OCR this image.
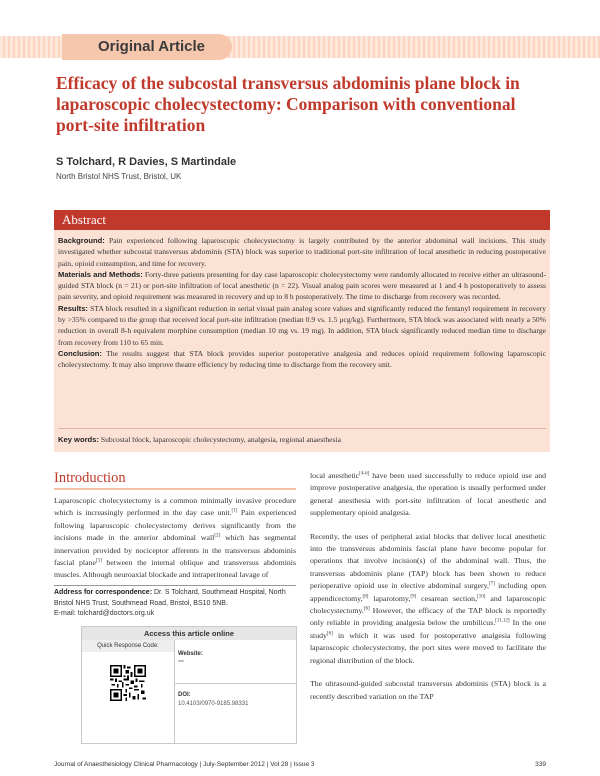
Original Article
Efficacy of the subcostal transversus abdominis plane block in laparoscopic cholecystectomy: Comparison with conventional port-site infiltration
S Tolchard, R Davies, S Martindale
North Bristol NHS Trust, Bristol, UK
Abstract

Background: Pain experienced following laparoscopic cholecystectomy is largely contributed by the anterior abdominal wall incisions. This study investigated whether subcostal transversus abdominis (STA) block was superior to traditional port-site infiltration of local anesthetic in reducing postoperative pain, opioid consumption, and time for recovery.

Materials and Methods: Forty-three patients presenting for day case laparoscopic cholecystectomy were randomly allocated to receive either an ultrasound-guided STA block (n = 21) or port-site infiltration of local anesthetic (n = 22). Visual analog pain scores were measured at 1 and 4 h postoperatively to assess pain severity, and opioid requirement was measured in recovery and up to 8 h postoperatively. The time to discharge from recovery was recorded.

Results: STA block resulted in a significant reduction in serial visual pain analog score values and significantly reduced the fentanyl requirement in recovery by >35% compared to the group that received local port-site infiltration (median 0.9 vs. 1.5 μcg/kg). Furthermore, STA block was associated with nearly a 50% reduction in overall 8-h equivalent morphine consumption (median 10 mg vs. 19 mg). In addition, STA block significantly reduced median time to discharge from recovery from 110 to 65 min.

Conclusion: The results suggest that STA block provides superior postoperative analgesia and reduces opioid requirement following laparoscopic cholecystectomy. It may also improve theatre efficiency by reducing time to discharge from the recovery unit.

Key words: Subcostal block, laparoscopic cholecystectomy, analgesia, regional anaesthesia
Introduction
Laparoscopic cholecystectomy is a common minimally invasive procedure which is increasingly performed in the day case unit.[1] Pain experienced following laparoscopic cholecystectomy derives significantly from the incisions made in the anterior abdominal wall[2] which has segmental innervation provided by nociceptor afferents in the transversus abdominis fascial plane[3] between the internal oblique and transversus abdominis muscles. Although neuroaxial blockade and intraperitoneal lavage of
Address for correspondence: Dr. S Tolchard, Southmead Hospital, North Bristol NHS Trust, Southmead Road, Bristol, BS10 5NB.
E-mail: tolchard@doctors.org.uk
Access this article online
Quick Response Code:
Website:
***
DOI:
10.4103/0970-9185.98331

local anesthetic[4-6] have been used successfully to reduce opioid use and improve postoperative analgesia, the operation is usually performed under general anesthesia with port-site infiltration of local anesthetic and supplementary opioid analgesia.

Recently, the uses of peripheral axial blocks that deliver local anesthetic into the transversus abdominis fascial plane have become popular for operations that involve incision(s) of the abdominal wall. Thus, the transversus abdominis plane (TAP) block has been shown to reduce perioperative opioid use in elective abdominal surgery,[7] including open appendicectomy,[8] laparotomy,[9] cesarean section,[10] and laparoscopic cholecystectomy.[6] However, the efficacy of the TAP block is reportedly only reliable in providing analgesia below the umbilicus.[11,12] In the one study[6] in which it was used for postoperative analgesia following laparoscopic cholecystectomy, the port sites were moved to facilitate the regional distribution of the block.

The ultrasound-guided subcostal transversus abdominis (STA) block is a recently described variation on the TAP

Journal of Anaesthesiology Clinical Pharmacology | July-September 2012 | Vol 28 | Issue 3	339
